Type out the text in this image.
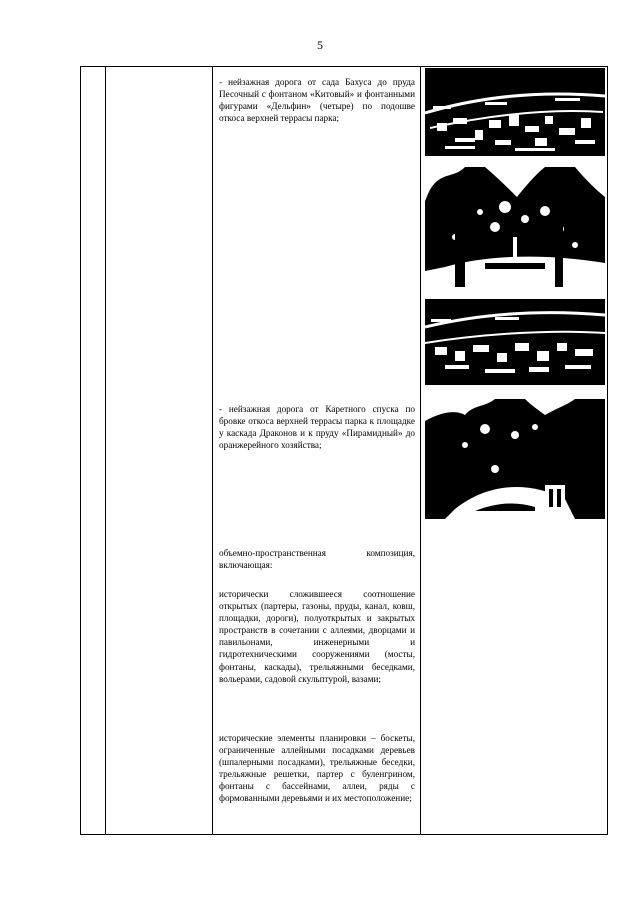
5

- нейзажная дорога от сада Бахуса до пруда Песочный с фонтаном «Китовый» и фонтанными фигурами «Дельфин» (четыре) по подошве откоса верхней террасы парка;

- нейзажная дорога от Каретного спуска по бровке откоса верхней террасы парка к площадке у каскада Драконов и к пруду «Пирамидный» до оранжерейного хозяйства;

объемно-пространственная композиция, включающая:

исторически сложившееся соотношение открытых (партеры, газоны, пруды, канал, ковш, площадки, дороги), полуоткрытых и закрытых пространств в сочетании с аллеями, дворцами и павильонами, инженерными и гидротехническими сооружениями (мосты, фонтаны, каскады), трельяжными беседками, вольерами, садовой скульптурой, вазами;

исторические элементы планировки – боскеты, ограниченные аллейными посадками деревьев (шпалерными посадками), трельяжные беседки, трельяжные решетки, партер с буленгрином, фонтаны с бассейнами, аллеи, ряды с формованными деревьями и их местоположение;
